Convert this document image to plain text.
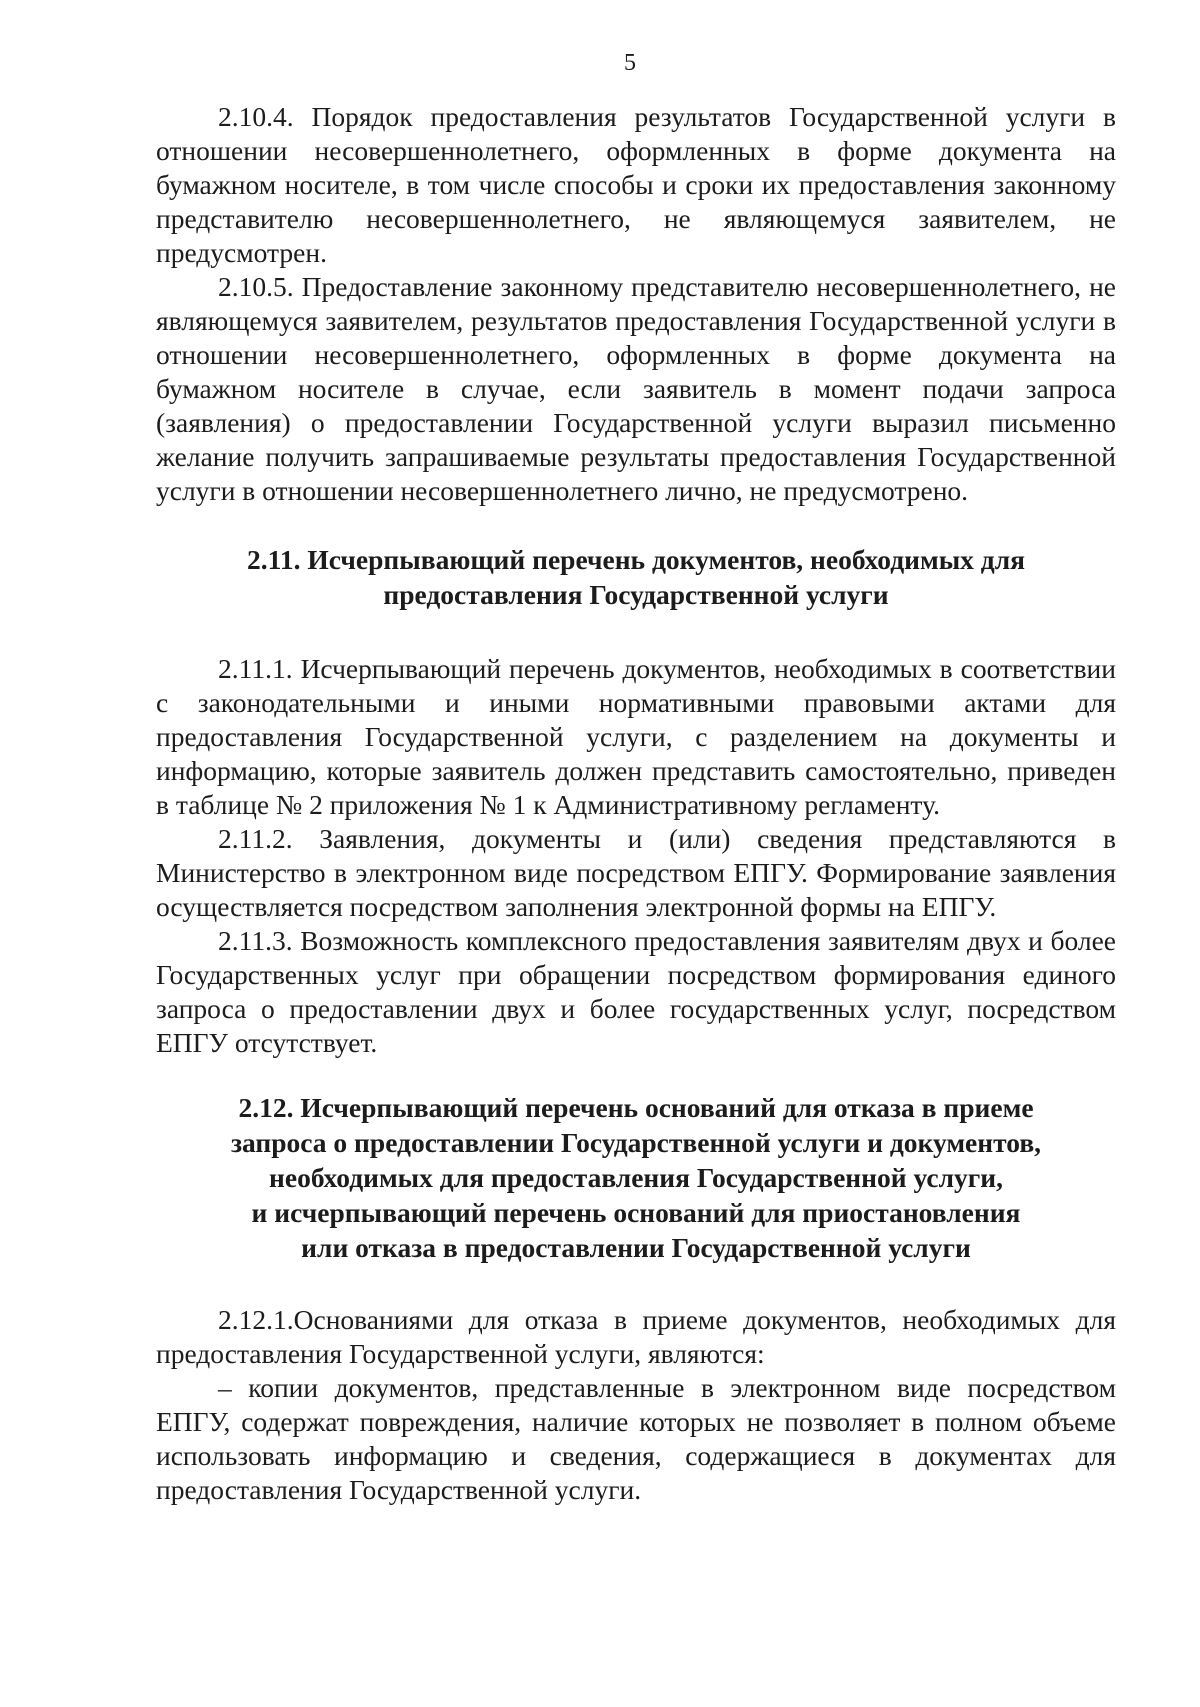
5

2.10.4. Порядок предоставления результатов Государственной услуги в отношении несовершеннолетнего, оформленных в форме документа на бумажном носителе, в том числе способы и сроки их предоставления законному представителю несовершеннолетнего, не являющемуся заявителем, не предусмотрен.

2.10.5. Предоставление законному представителю несовершеннолетнего, не являющемуся заявителем, результатов предоставления Государственной услуги в отношении несовершеннолетнего, оформленных в форме документа на бумажном носителе в случае, если заявитель в момент подачи запроса (заявления) о предоставлении Государственной услуги выразил письменно желание получить запрашиваемые результаты предоставления Государственной услуги в отношении несовершеннолетнего лично, не предусмотрено.

2.11. Исчерпывающий перечень документов, необходимых для
предоставления Государственной услуги

2.11.1. Исчерпывающий перечень документов, необходимых в соответствии с законодательными и иными нормативными правовыми актами для предоставления Государственной услуги, с разделением на документы и информацию, которые заявитель должен представить самостоятельно, приведен в таблице № 2 приложения № 1 к Административному регламенту.

2.11.2. Заявления, документы и (или) сведения представляются в Министерство в электронном виде посредством ЕПГУ. Формирование заявления осуществляется посредством заполнения электронной формы на ЕПГУ.

2.11.3. Возможность комплексного предоставления заявителям двух и более Государственных услуг при обращении посредством формирования единого запроса о предоставлении двух и более государственных услуг, посредством ЕПГУ отсутствует.

2.12. Исчерпывающий перечень оснований для отказа в приеме
запроса о предоставлении Государственной услуги и документов,
необходимых для предоставления Государственной услуги,
и исчерпывающий перечень оснований для приостановления
или отказа в предоставлении Государственной услуги

2.12.1.Основаниями для отказа в приеме документов, необходимых для предоставления Государственной услуги, являются:

– копии документов, представленные в электронном виде посредством ЕПГУ, содержат повреждения, наличие которых не позволяет в полном объеме использовать информацию и сведения, содержащиеся в документах для предоставления Государственной услуги.
